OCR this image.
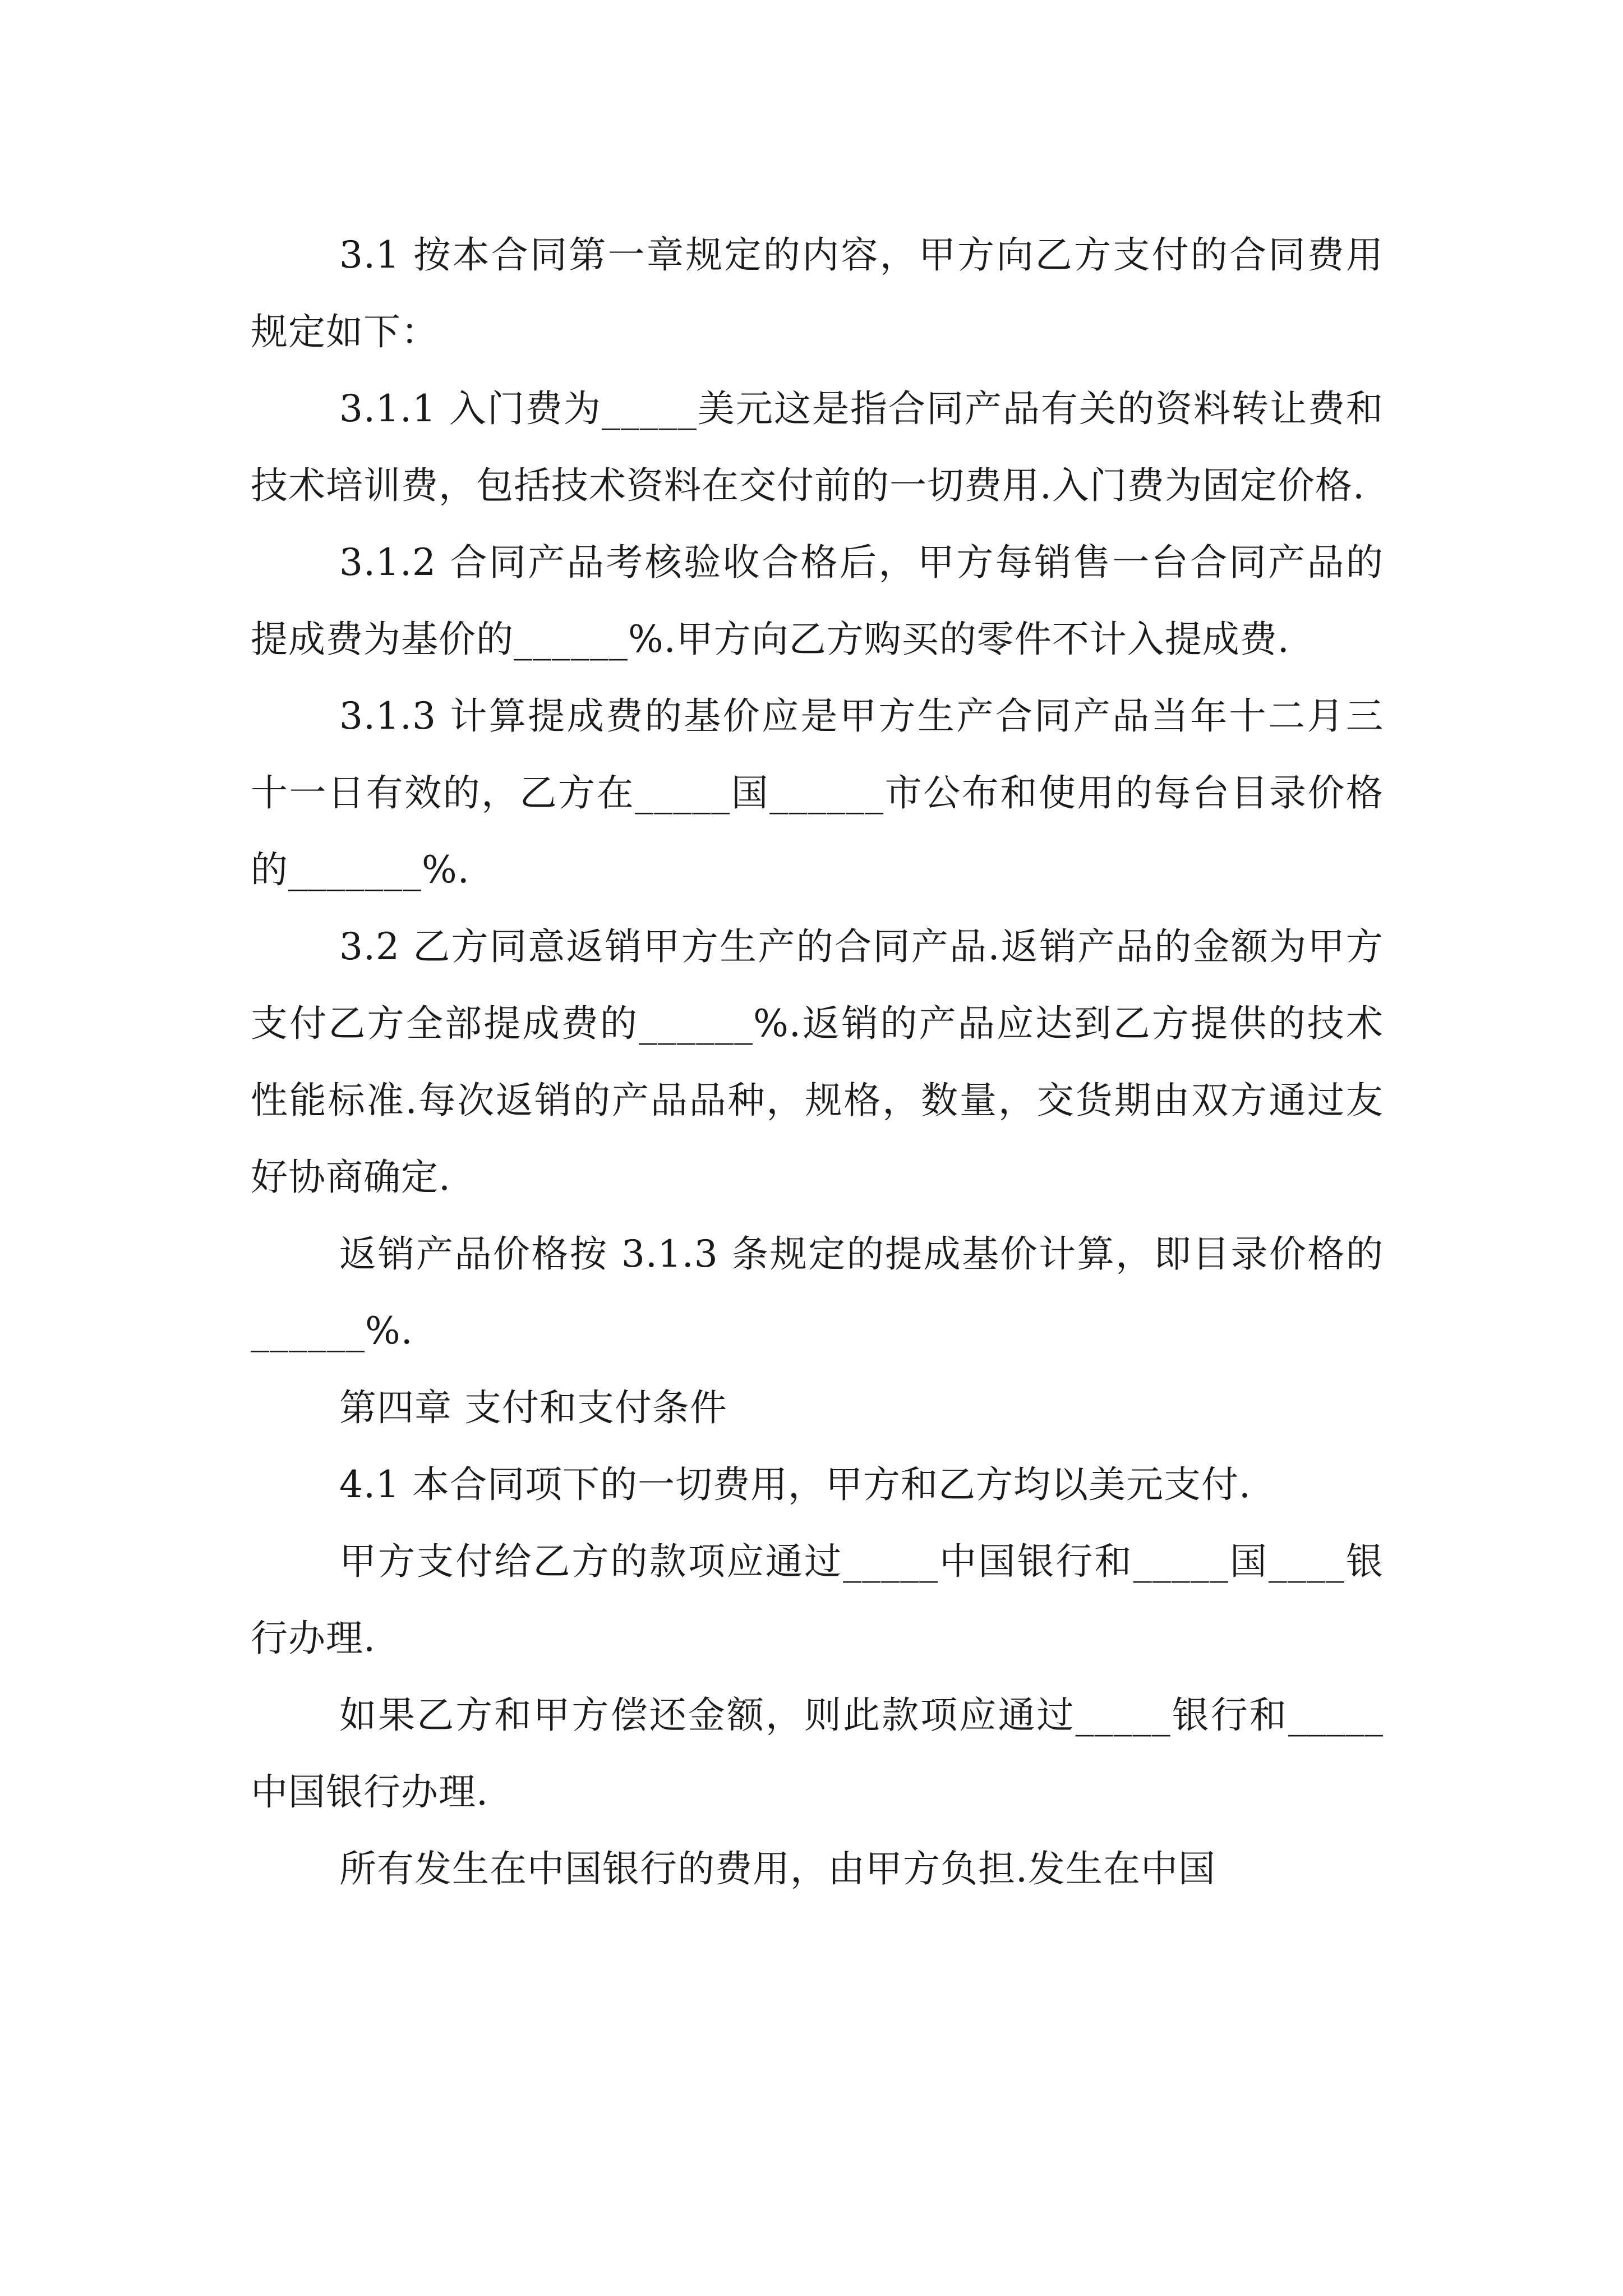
3.1 按本合同第一章规定的内容，甲方向乙方支付的合同费用规定如下：

3.1.1 入门费为_____美元这是指合同产品有关的资料转让费和技术培训费，包括技术资料在交付前的一切费用.入门费为固定价格.

3.1.2 合同产品考核验收合格后，甲方每销售一台合同产品的提成费为基价的______%.甲方向乙方购买的零件不计入提成费.

3.1.3 计算提成费的基价应是甲方生产合同产品当年十二月三十一日有效的，乙方在_____国______市公布和使用的每台目录价格的_______%.

3.2 乙方同意返销甲方生产的合同产品.返销产品的金额为甲方支付乙方全部提成费的______%.返销的产品应达到乙方提供的技术性能标准.每次返销的产品品种，规格，数量，交货期由双方通过友好协商确定.

返销产品价格按 3.1.3 条规定的提成基价计算，即目录价格的______%.

第四章 支付和支付条件

4.1 本合同项下的一切费用，甲方和乙方均以美元支付.

甲方支付给乙方的款项应通过_____中国银行和_____国____银行办理.

如果乙方和甲方偿还金额，则此款项应通过_____银行和_____中国银行办理.

所有发生在中国银行的费用，由甲方负担.发生在中国
